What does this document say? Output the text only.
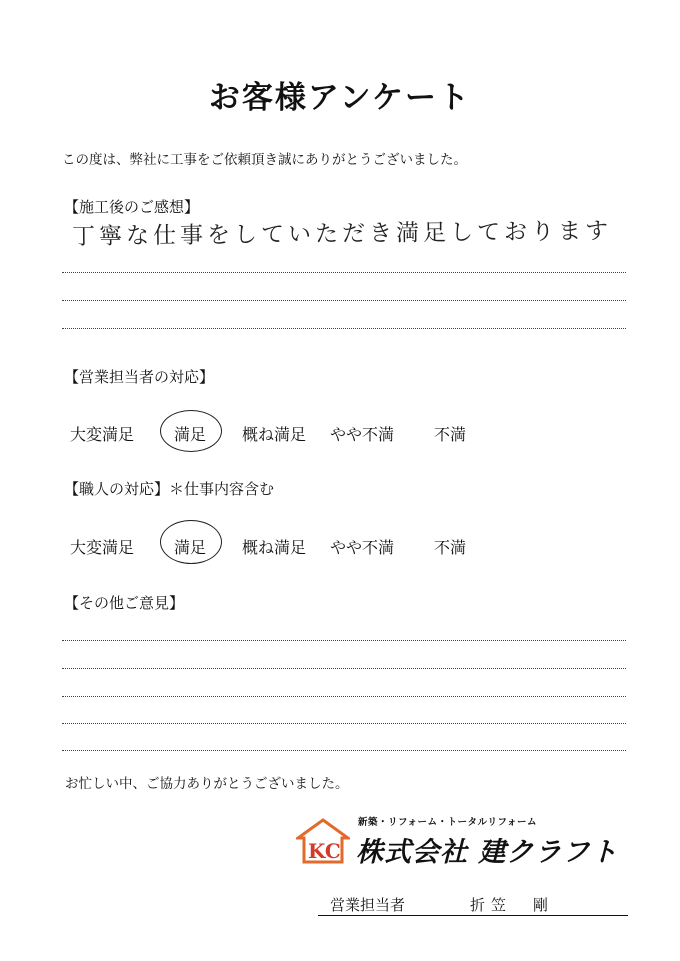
お客様アンケート
この度は、弊社に工事をご依頼頂き誠にありがとうございました。
【施工後のご感想】
丁寧な仕事をしていただき満足しております
【営業担当者の対応】
大変満足 満足 概ね満足 やや不満 不満
【職人の対応】＊仕事内容含む
大変満足 満足 概ね満足 やや不満 不満
【その他ご意見】
お忙しい中、ご協力ありがとうございました。
KC
新築・リフォーム・トータルリフォーム
株式会社 建クラフト
営業担当者	折笠　剛
